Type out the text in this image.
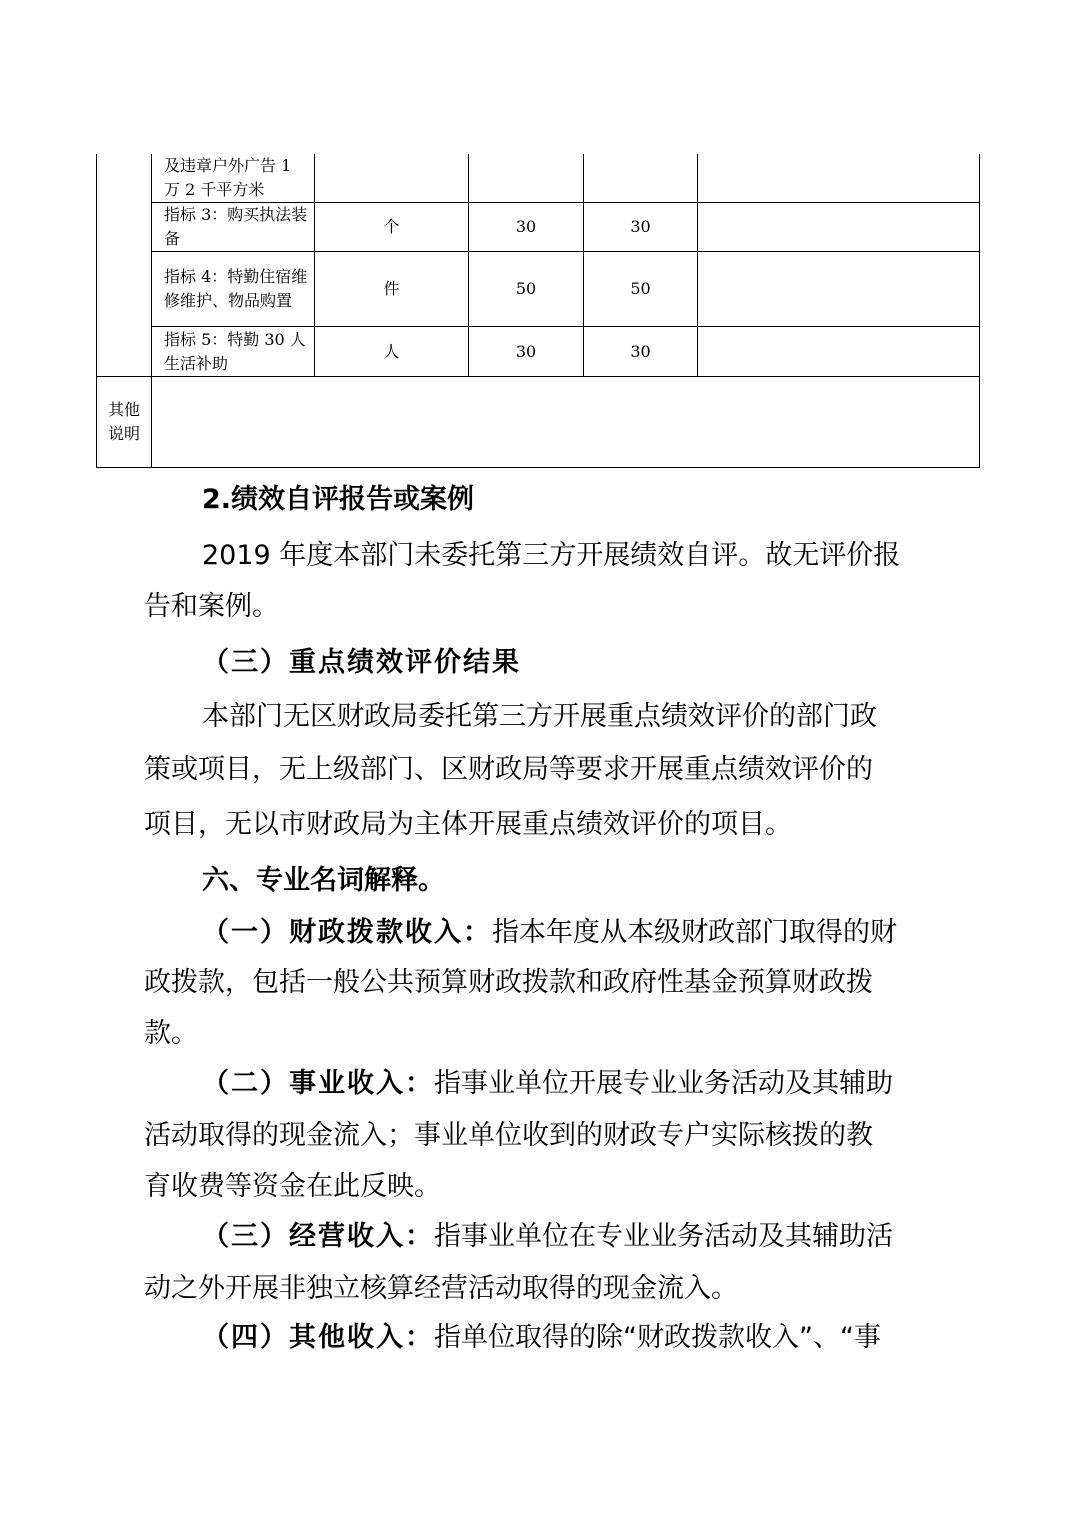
	及违章户外广告 1 万 2 千平方米				
	指标 3：购买执法装备	个	30	30	
	指标 4：特勤住宿维修维护、物品购置	件	50	50	
	指标 5：特勤 30 人生活补助	人	30	30	
其他说明					
2.绩效自评报告或案例
2019 年度本部门未委托第三方开展绩效自评。故无评价报
告和案例。
（三）重点绩效评价结果
本部门无区财政局委托第三方开展重点绩效评价的部门政
策或项目，无上级部门、区财政局等要求开展重点绩效评价的
项目，无以市财政局为主体开展重点绩效评价的项目。
六、专业名词解释。
（一）财政拨款收入：指本年度从本级财政部门取得的财
政拨款，包括一般公共预算财政拨款和政府性基金预算财政拨
款。
（二）事业收入：指事业单位开展专业业务活动及其辅助
活动取得的现金流入；事业单位收到的财政专户实际核拨的教
育收费等资金在此反映。
（三）经营收入：指事业单位在专业业务活动及其辅助活
动之外开展非独立核算经营活动取得的现金流入。
（四）其他收入：指单位取得的除“财政拨款收入”、“事
